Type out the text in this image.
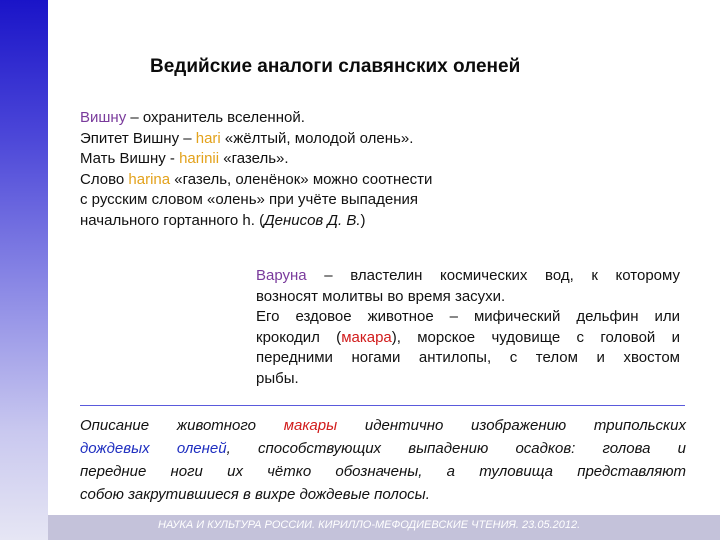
Ведийские аналоги славянских оленей
Вишну – охранитель вселенной.
Эпитет Вишну – hari «жёлтый, молодой олень».
Мать Вишну - harinii «газель».
Слово harina «газель, оленёнок» можно соотнести
с русским словом «олень» при учёте выпадения
начального гортанного h. (Денисов Д. В.)
Варуна – властелин космических вод, к которому
возносят молитвы во время засухи.
Его ездовое животное – мифический дельфин или
крокодил (макара), морское чудовище с головой и
передними ногами антилопы, с телом и хвостом
рыбы.
Описание животного макары идентично изображению трипольских
дождевых оленей, способствующих выпадению осадков: голова и
передние ноги их чётко обозначены, а туловища представляют
собою закрутившиеся в вихре дождевые полосы.
НАУКА И КУЛЬТУРА РОССИИ. КИРИЛЛО-МЕФОДИЕВСКИЕ ЧТЕНИЯ. 23.05.2012.
